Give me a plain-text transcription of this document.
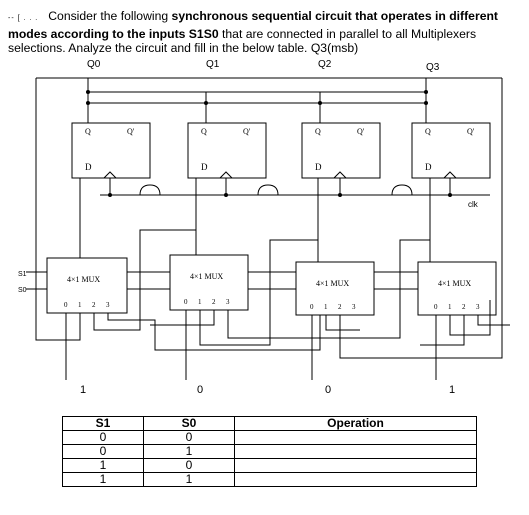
-- [ . . . Consider the following synchronous sequential circuit that operates in different modes according to the inputs S1S0 that are connected in parallel to all Multiplexers selections. Analyze the circuit and fill in the below table. Q3(msb)
Q0	Q1	Q2	Q3
Q	Q'
D
Q	Q'
D
Q	Q'
D
Q	Q'
D
clk
4×1 MUX
0 1 2 3
4×1 MUX
0 1 2 3
4×1 MUX
0 1 2 3
4×1 MUX
0 1 2 3
S1
S0
1	0	0	1
S1	S0	Operation
0	0	
0	1	
1	0	
1	1	
